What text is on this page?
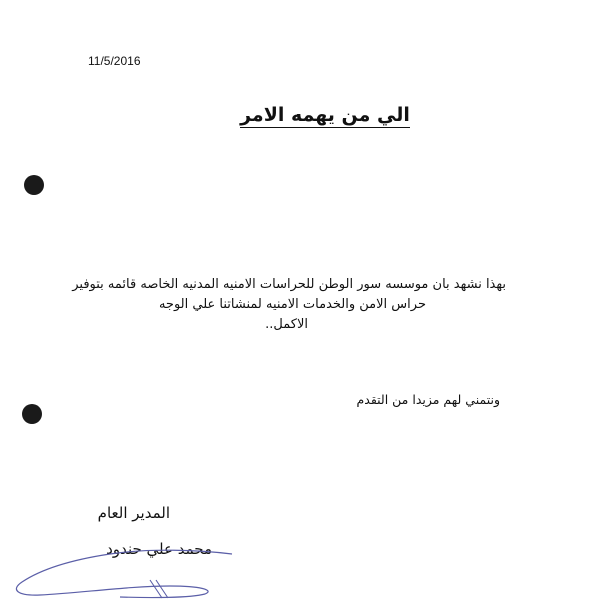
11/5/2016
الي من يهمه الامر
بهذا نشهد بان موسسه سور الوطن للحراسات الامنيه المدنيه الخاصه قائمه بتوفير
حراس الامن والخدمات الامنيه لمنشاتنا علي الوجه
الاكمل..
ونتمني لهم مزيدا من التقدم
المدير العام
محمد علي حندود
